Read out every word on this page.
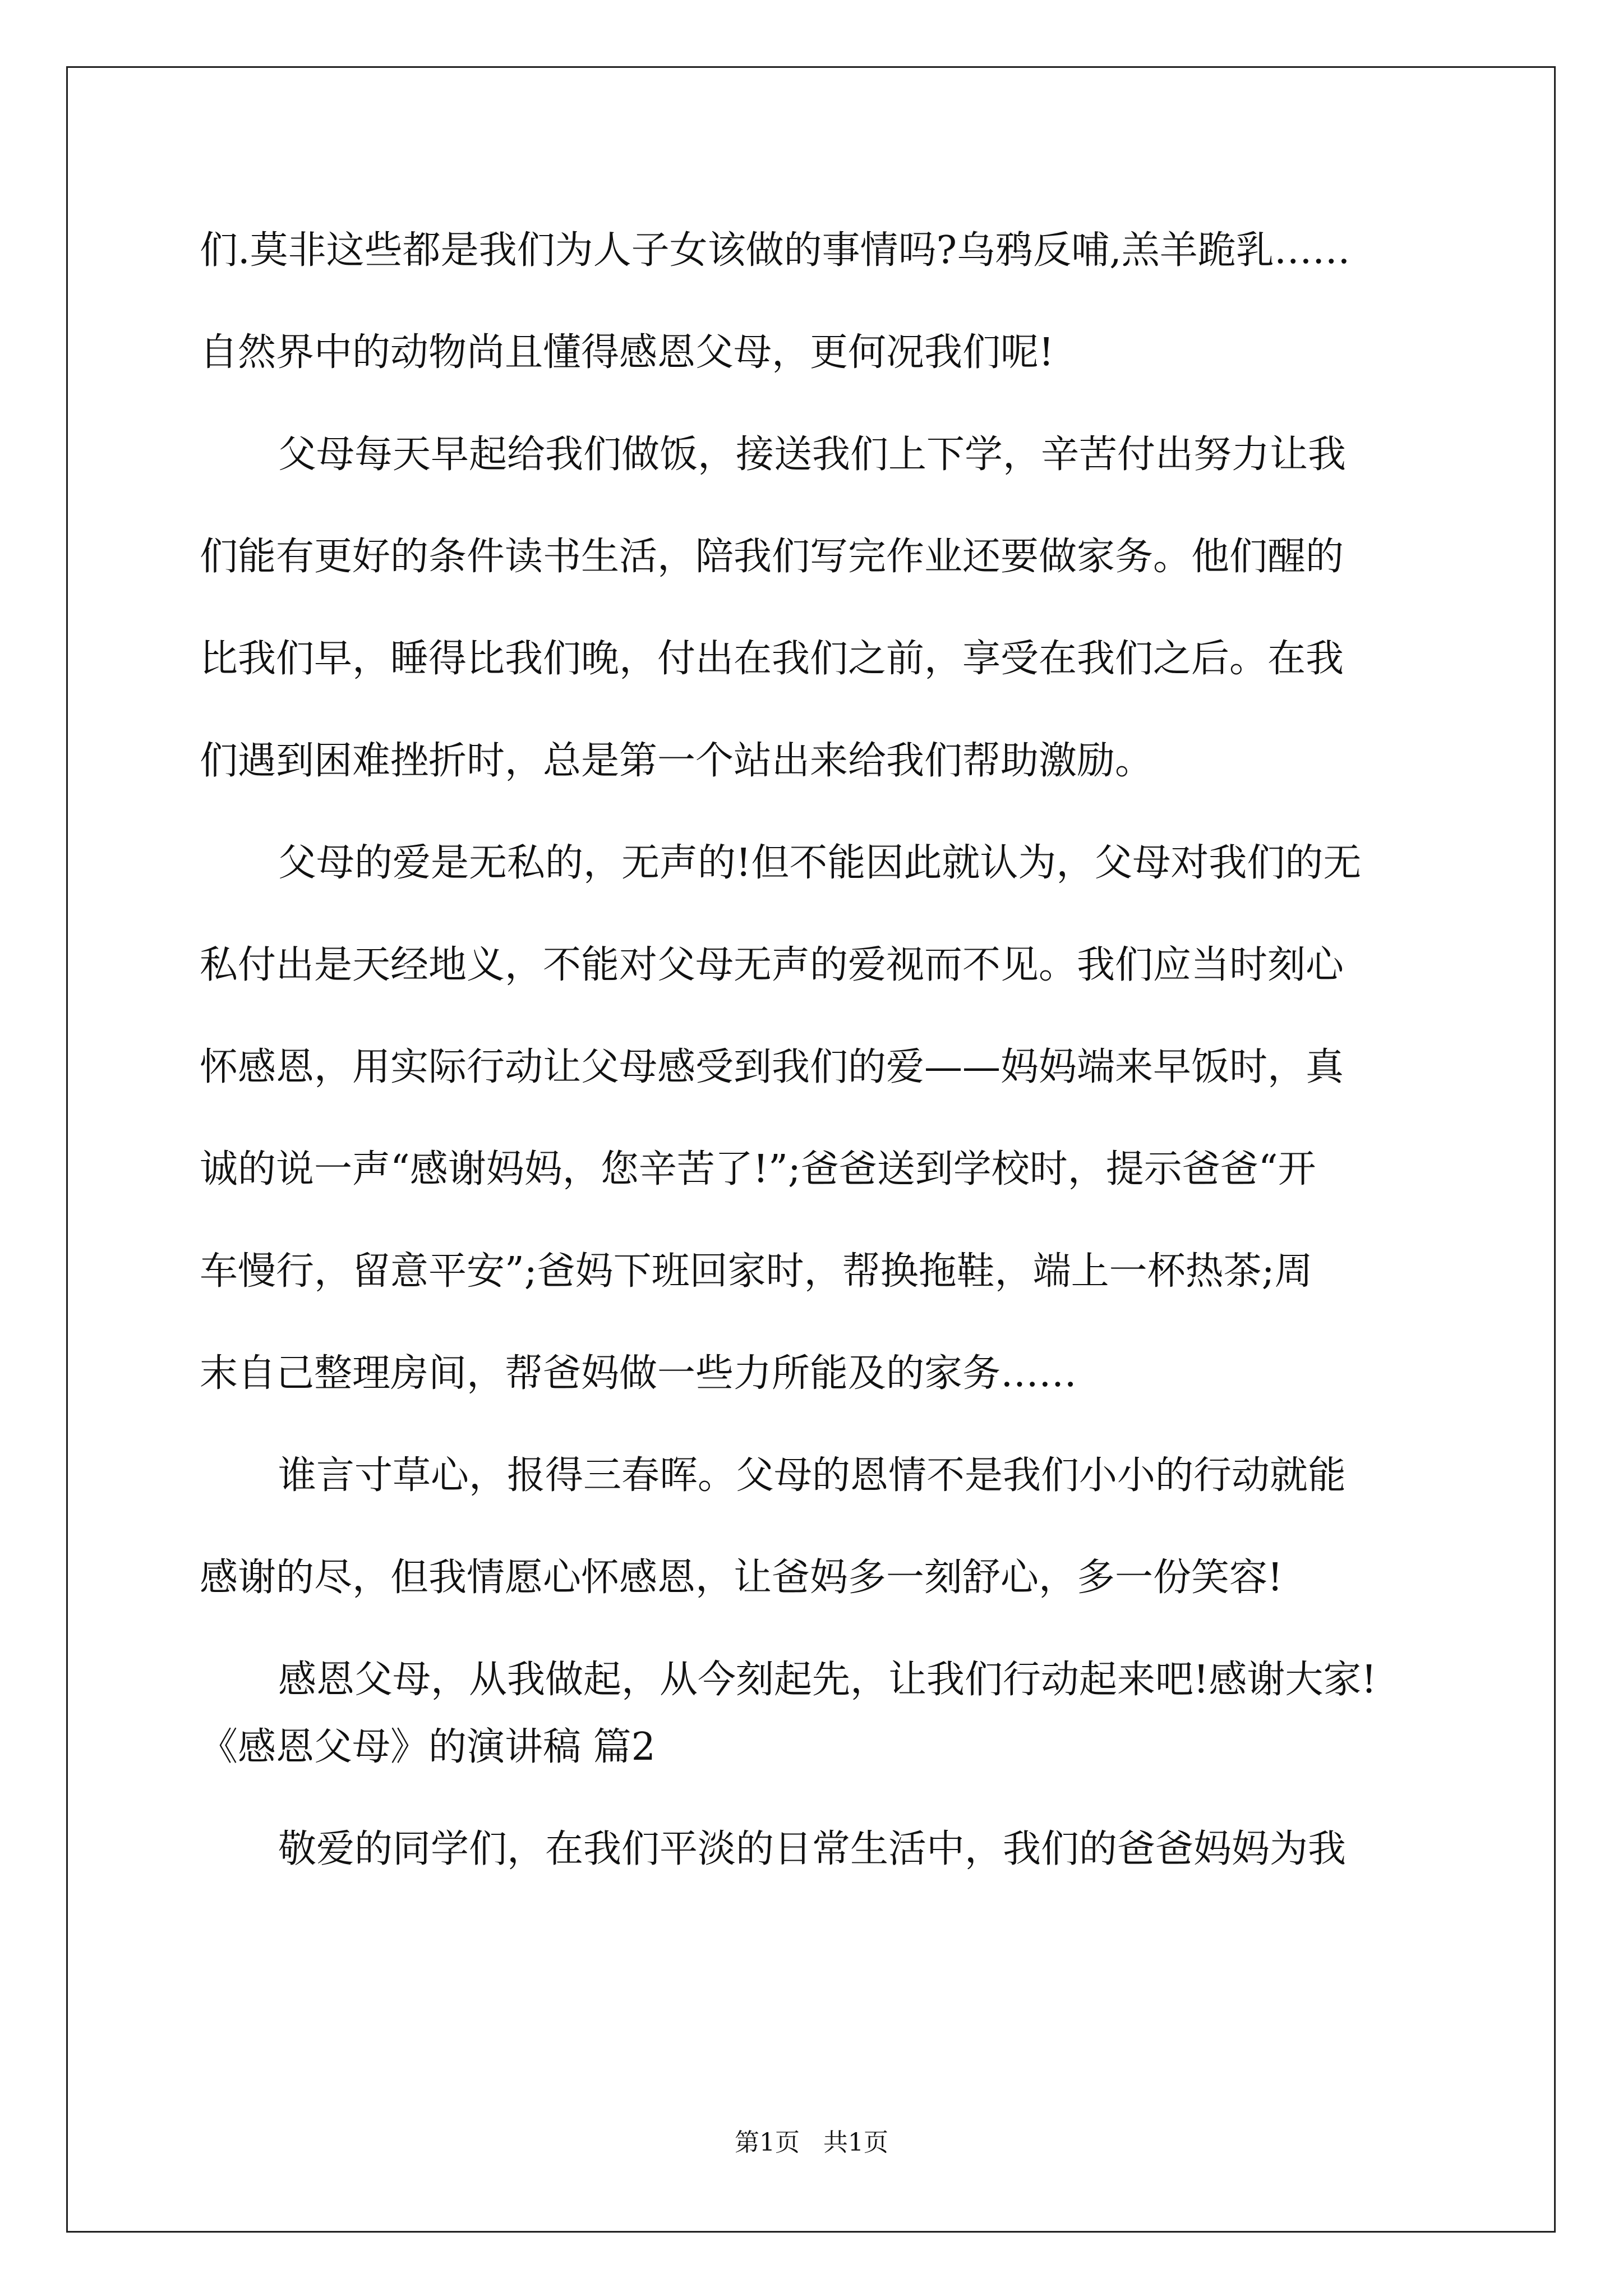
们.莫非这些都是我们为人子女该做的事情吗?乌鸦反哺,羔羊跪乳……
自然界中的动物尚且懂得感恩父母，更何况我们呢!
父母每天早起给我们做饭，接送我们上下学，辛苦付出努力让我
们能有更好的条件读书生活，陪我们写完作业还要做家务。他们醒的
比我们早，睡得比我们晚，付出在我们之前，享受在我们之后。在我
们遇到困难挫折时，总是第一个站出来给我们帮助激励。
父母的爱是无私的，无声的!但不能因此就认为，父母对我们的无
私付出是天经地义，不能对父母无声的爱视而不见。我们应当时刻心
怀感恩，用实际行动让父母感受到我们的爱——妈妈端来早饭时，真
诚的说一声“感谢妈妈，您辛苦了!”;爸爸送到学校时，提示爸爸“开
车慢行，留意平安”;爸妈下班回家时，帮换拖鞋，端上一杯热茶;周
末自己整理房间，帮爸妈做一些力所能及的家务……
谁言寸草心，报得三春晖。父母的恩情不是我们小小的行动就能
感谢的尽，但我情愿心怀感恩，让爸妈多一刻舒心，多一份笑容!
感恩父母，从我做起，从今刻起先，让我们行动起来吧!感谢大家!
《感恩父母》的演讲稿 篇2
敬爱的同学们，在我们平淡的日常生活中，我们的爸爸妈妈为我
第1页 共1页
